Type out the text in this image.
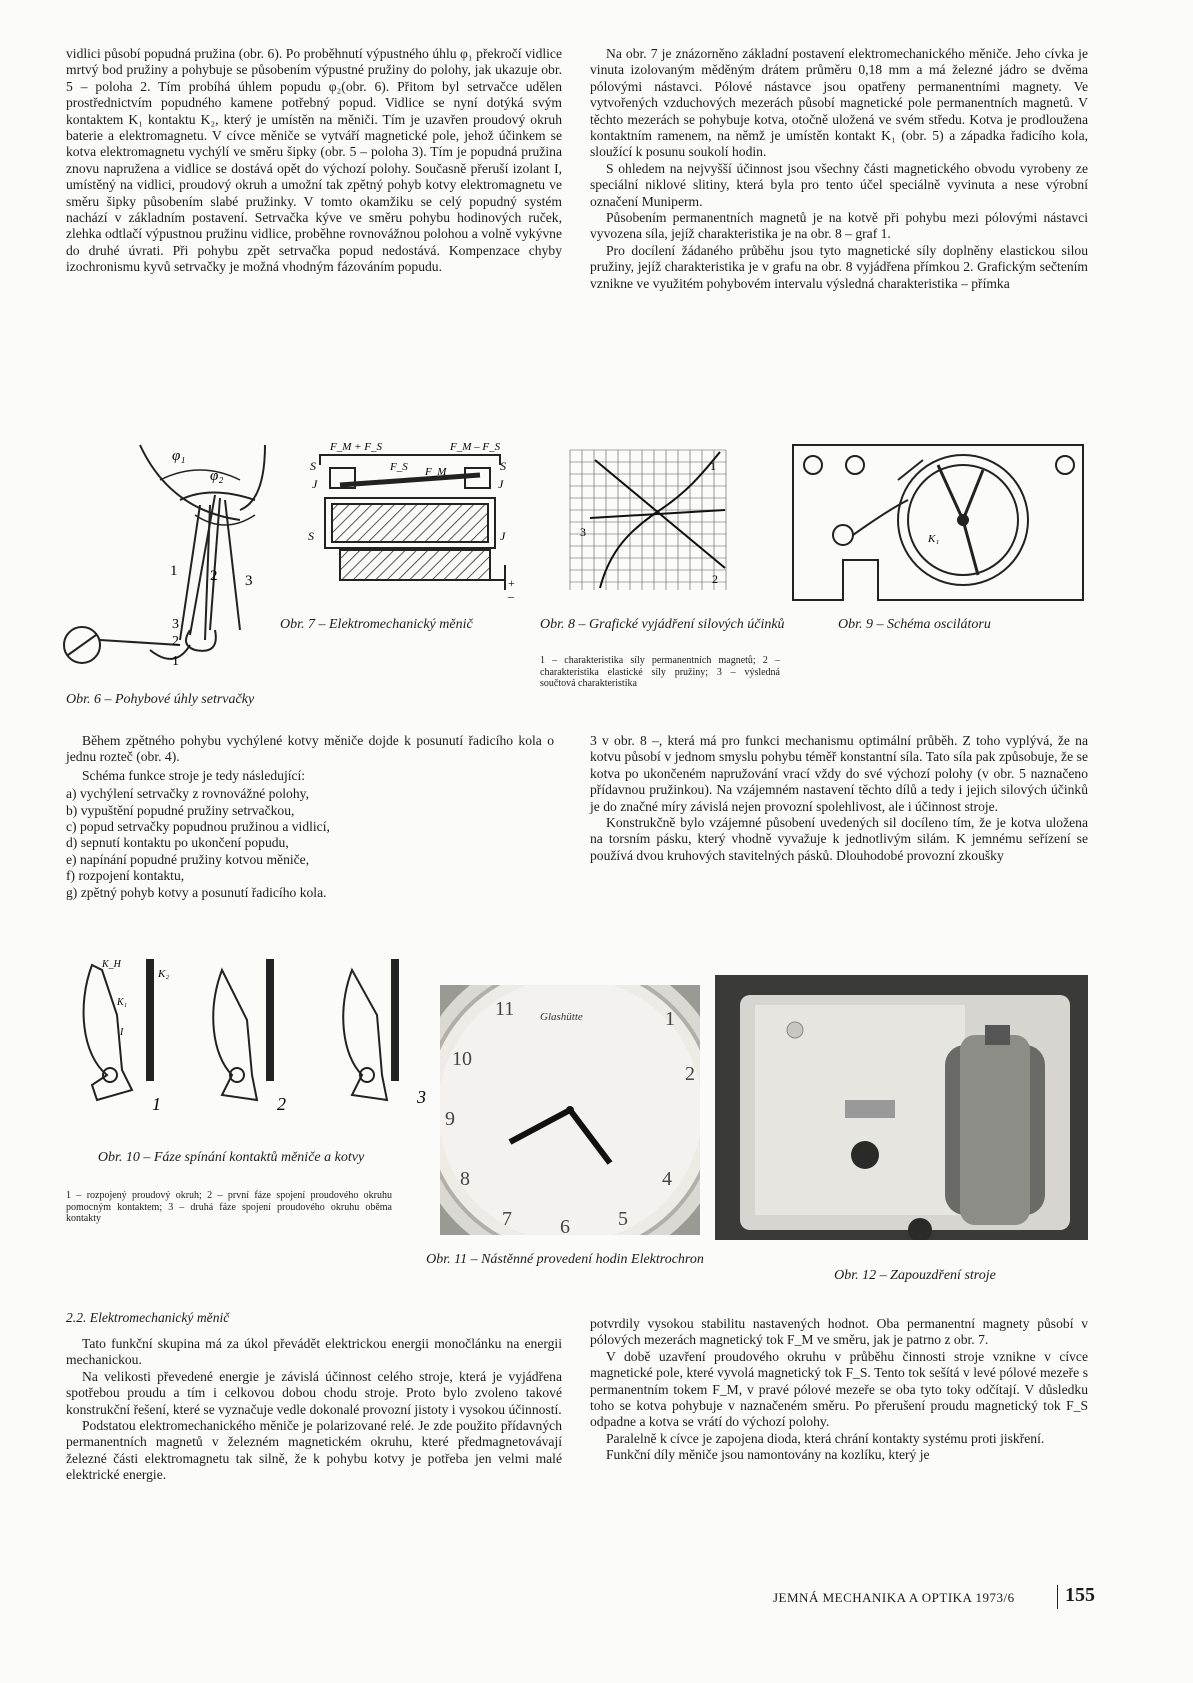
vidlici působí popudná pružina (obr. 6). Po proběhnutí výpustného úhlu φ₁ překročí vidlice mrtvý bod pružiny a pohybuje se působením výpustné pružiny do polohy, jak ukazuje obr. 5 – poloha 2. Tím probíhá úhlem popudu φ₂(obr. 6). Přitom byl setrvačce udělen prostřednictvím popudného kamene potřebný popud. Vidlice se nyní dotýká svým kontaktem K₁ kontaktu K₂, který je umístěn na měniči. Tím je uzavřen proudový okruh baterie a elektromagnetu. V cívce měniče se vytváří magnetické pole, jehož účinkem se kotva elektromagnetu vychýlí ve směru šipky (obr. 5 – poloha 3). Tím je popudná pružina znovu napružena a vidlice se dostává opět do výchozí polohy. Současně přeruší izolant I, umístěný na vidlici, proudový okruh a umožní tak zpětný pohyb kotvy elektromagnetu ve směru šipky působením slabé pružinky. V tomto okamžiku se celý popudný systém nachází v základním postavení. Setrvačka kýve ve směru pohybu hodinových ruček, zlehka odtlačí výpustnou pružinu vidlice, proběhne rovnovážnou polohou a volně vykývne do druhé úvrati. Při pohybu zpět setrvačka popud nedostává. Kompenzace chyby izochronismu kyvů setrvačky je možná vhodným fázováním popudu.

Na obr. 7 je znázorněno základní postavení elektromechanického měniče. Jeho cívka je vinuta izolovaným měděným drátem průměru 0,18 mm a má železné jádro se dvěma pólovými nástavci. Pólové nástavce jsou opatřeny permanentními magnety. Ve vytvořených vzduchových mezerách působí magnetické pole permanentních magnetů. V těchto mezerách se pohybuje kotva, otočně uložená ve svém středu. Kotva je prodloužena kontaktním ramenem, na němž je umístěn kontakt K₁ (obr. 5) a západka řadicího kola, sloužící k posunu soukolí hodin.

S ohledem na nejvyšší účinnost jsou všechny části magnetického obvodu vyrobeny ze speciální niklové slitiny, která byla pro tento účel speciálně vyvinuta a nese výrobní označení Muniperm.

Působením permanentních magnetů je na kotvě při pohybu mezi pólovými nástavci vyvozena síla, jejíž charakteristika je na obr. 8 – graf 1.

Pro docílení žádaného průběhu jsou tyto magnetické síly doplněny elastickou silou pružiny, jejíž charakteristika je v grafu na obr. 8 vyjádřena přímkou 2. Grafickým sečtením vznikne ve využitém pohybovém intervalu výsledná charakteristika – přímka

φ₁
φ₂
1 2 3
3
2
1
Obr. 6 – Pohybové úhly setrvačky
F_M + F_S	F_M – F_S
F_S F_M
S
J	J
S
S	J
+
–
Obr. 7 – Elektromechanický měnič
1
2
3
Obr. 8 – Grafické vyjádření silových účinků
1 – charakteristika síly permanentních magnetů; 2 – charakteristika elastické síly pružiny; 3 – výsledná součtová charakteristika
K₁
Obr. 9 – Schéma oscilátoru

Během zpětného pohybu vychýlené kotvy měniče dojde k posunutí řadicího kola o jednu rozteč (obr. 4).

Schéma funkce stroje je tedy následující:

a) vychýlení setrvačky z rovnovážné polohy,
b) vypuštění popudné pružiny setrvačkou,
c) popud setrvačky popudnou pružinou a vidlicí,
d) sepnutí kontaktu po ukončení popudu,
e) napínání popudné pružiny kotvou měniče,
f) rozpojení kontaktu,
g) zpětný pohyb kotvy a posunutí řadicího kola.

3 v obr. 8 –, která má pro funkci mechanismu optimální průběh. Z toho vyplývá, že na kotvu působí v jednom smyslu pohybu téměř konstantní síla. Tato síla pak způsobuje, že se kotva po ukončeném napružování vrací vždy do své výchozí polohy (v obr. 5 naznačeno přídavnou pružinkou). Na vzájemném nastavení těchto dílů a tedy i jejich silových účinků je do značné míry závislá nejen provozní spolehlivost, ale i účinnost stroje.

Konstrukčně bylo vzájemné působení uvedených sil docíleno tím, že je kotva uložena na torsním pásku, který vhodně vyvažuje k jednotlivým silám. K jemnému seřízení se používá dvou kruhových stavitelných pásků. Dlouhodobé provozní zkoušky

K_H
K₂
K₁
I
1	2	3
Obr. 10 – Fáze spínání kontaktů měniče a kotvy
1 – rozpojený proudový okruh; 2 – první fáze spojení proudového okruhu pomocným kontaktem; 3 – druhá fáze spojení proudového okruhu oběma kontakty
Glashütte	1
2
4
5
6
7
8
9
10
11
Obr. 11 – Nástěnné provedení hodin Elektrochron
Obr. 12 – Zapouzdření stroje
2.2. Elektromechanický měnič

Tato funkční skupina má za úkol převádět elektrickou energii monočlánku na energii mechanickou.

Na velikosti převedené energie je závislá účinnost celého stroje, která je vyjádřena spotřebou proudu a tím i celkovou dobou chodu stroje. Proto bylo zvoleno takové konstrukční řešení, které se vyznačuje vedle dokonalé provozní jistoty i vysokou účinností.

Podstatou elektromechanického měniče je polarizované relé. Je zde použito přídavných permanentních magnetů v železném magnetickém okruhu, které předmagnetovávají železné části elektromagnetu tak silně, že k pohybu kotvy je potřeba jen velmi malé elektrické energie.

potvrdily vysokou stabilitu nastavených hodnot. Oba permanentní magnety působí v pólových mezerách magnetický tok F_M ve směru, jak je patrno z obr. 7.

V době uzavření proudového okruhu v průběhu činnosti stroje vznikne v cívce magnetické pole, které vyvolá magnetický tok F_S. Tento tok sešítá v levé pólové mezeře s permanentním tokem F_M, v pravé pólové mezeře se oba tyto toky odčítají. V důsledku toho se kotva pohybuje v naznačeném směru. Po přerušení proudu magnetický tok F_S odpadne a kotva se vrátí do výchozí polohy.

Paralelně k cívce je zapojena dioda, která chrání kontakty systému proti jiskření.

Funkční díly měniče jsou namontovány na kozlíku, který je

JEMNÁ MECHANIKA A OPTIKA 1973/6	155
